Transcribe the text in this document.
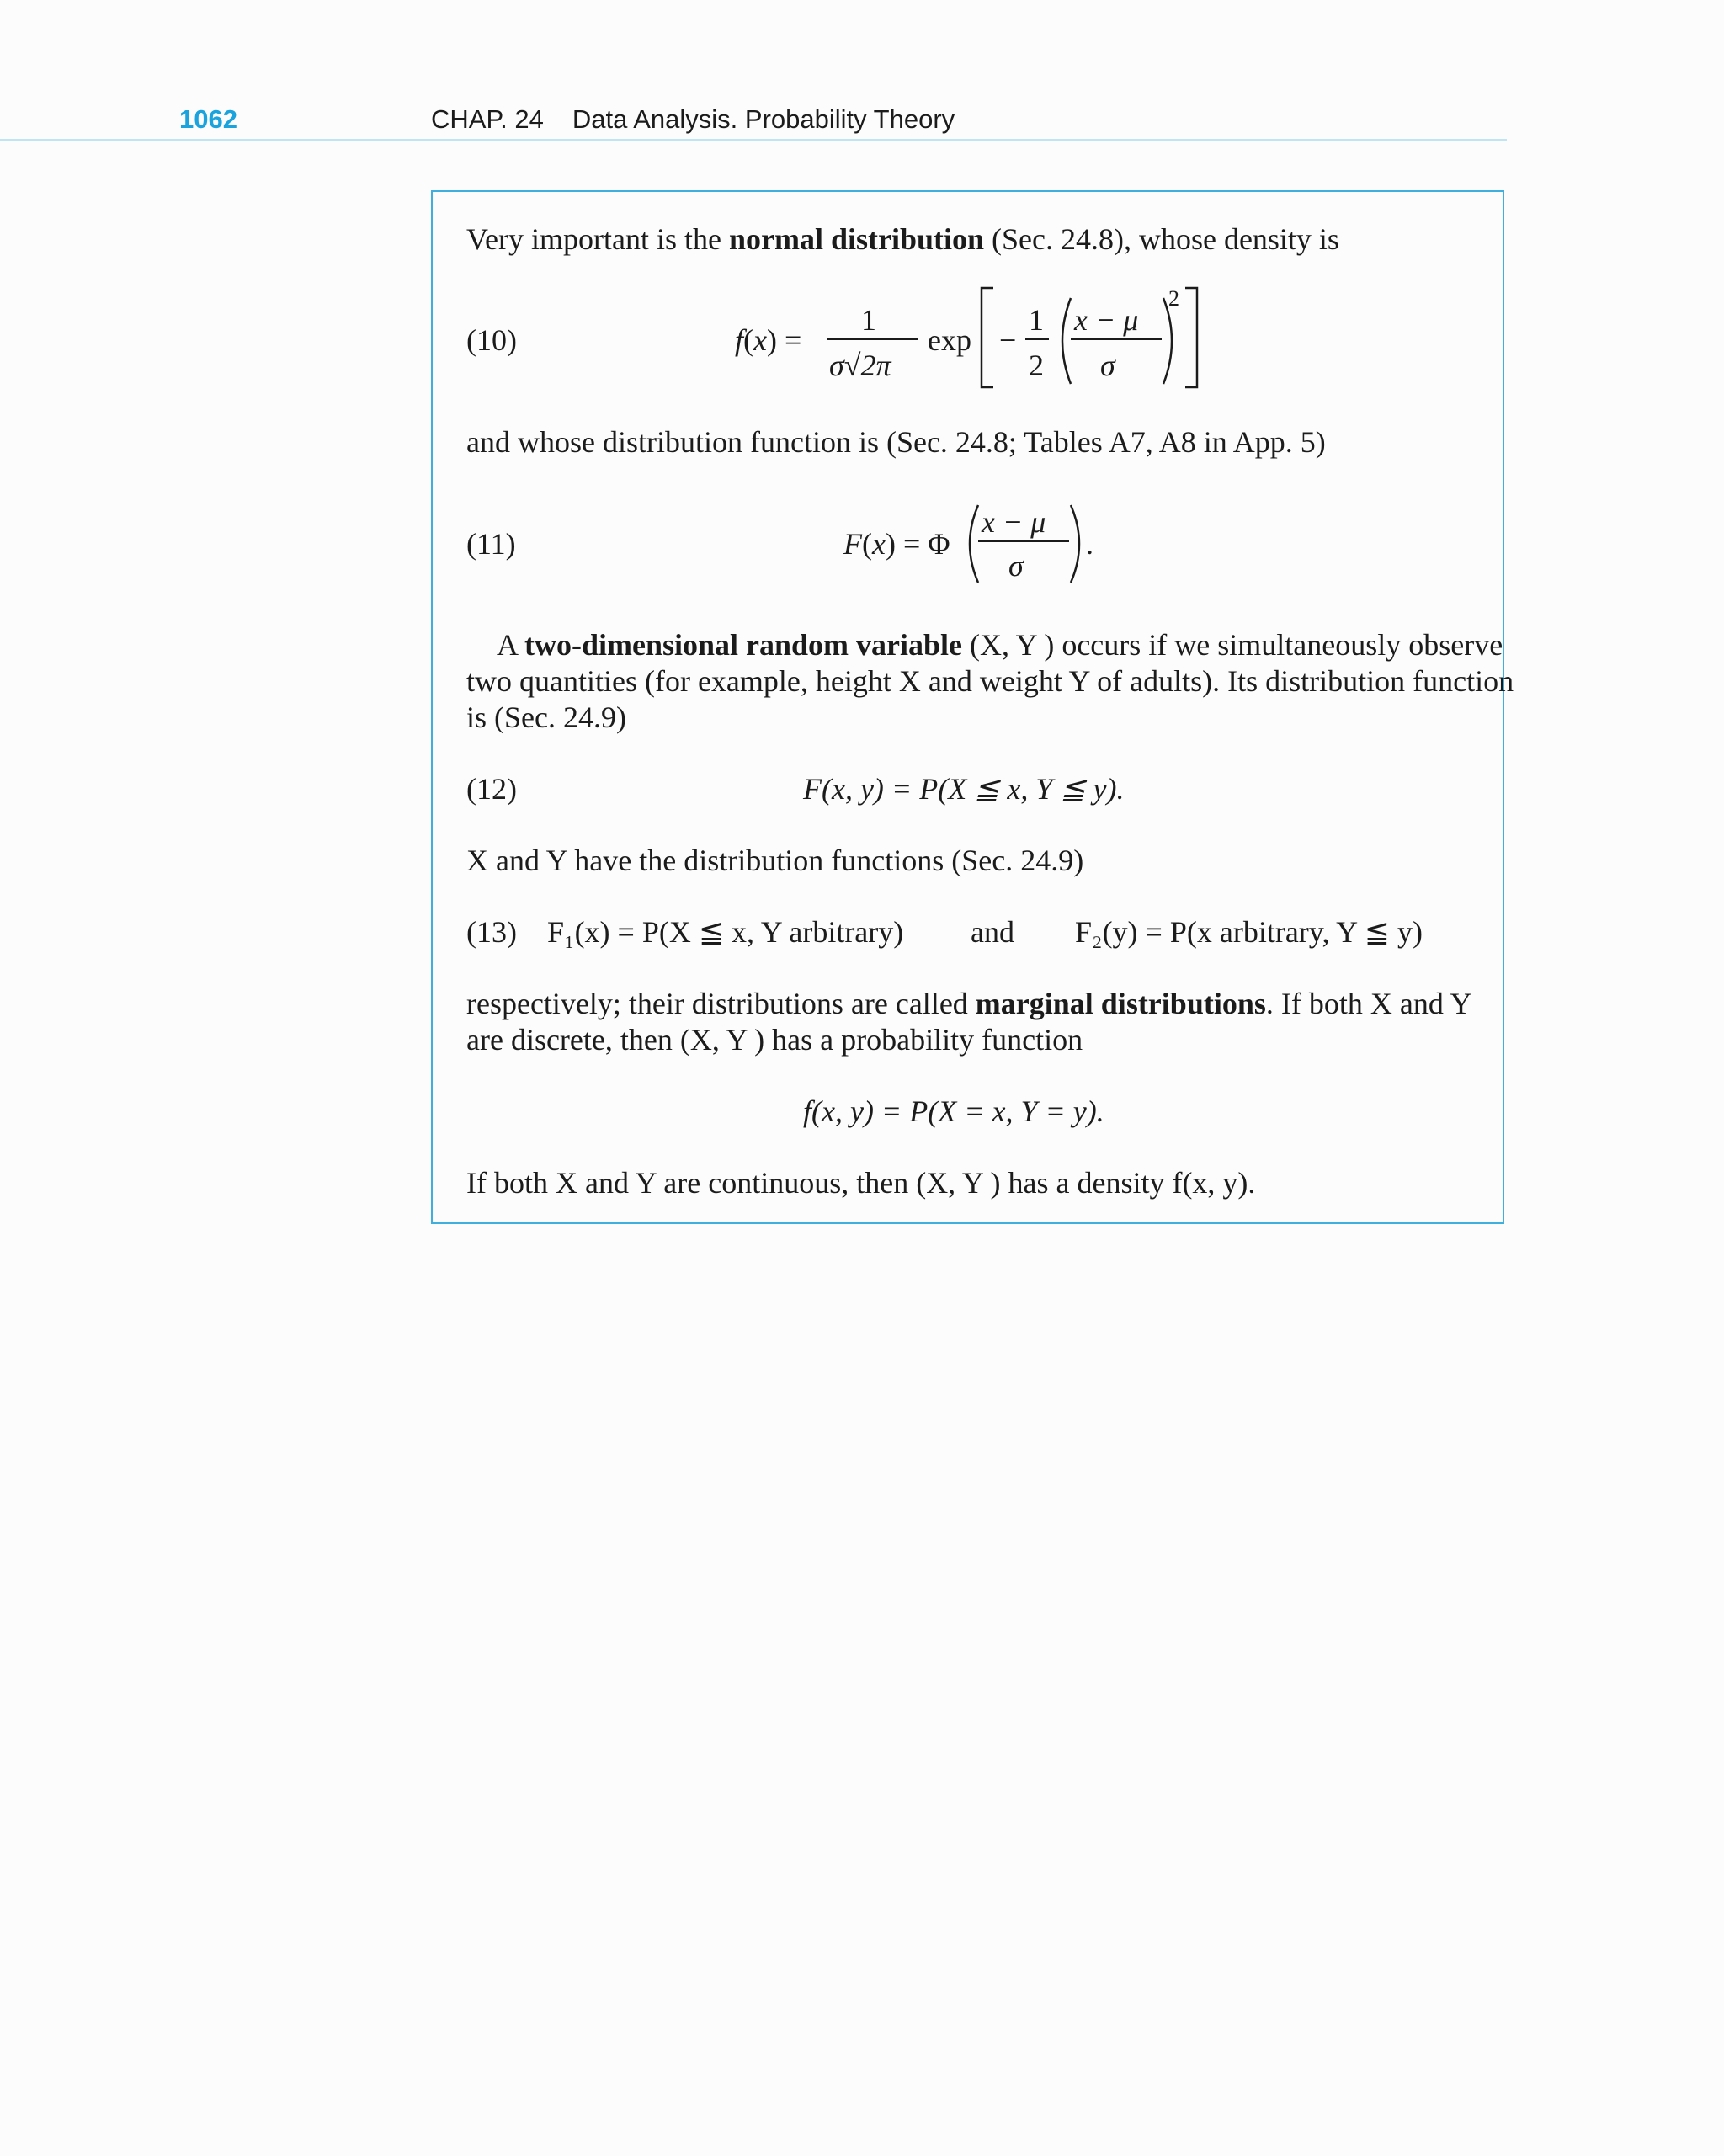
1062	CHAP. 24 Data Analysis. Probability Theory
Very important is the normal distribution (Sec. 24.8), whose density is
(10)	f(x) =
1
σ√2π
exp −
1
2
x − μ
σ
2
and whose distribution function is (Sec. 24.8; Tables A7, A8 in App. 5)
(11)	F(x) = Φ
x − μ
σ
.
A two-dimensional random variable (X, Y ) occurs if we simultaneously observe
two quantities (for example, height X and weight Y of adults). Its distribution function
is (Sec. 24.9)
(12)	F(x, y) = P(X ≦ x, Y ≦ y).
X and Y have the distribution functions (Sec. 24.9)
(13) F₁(x) = P(X ≦ x, Y arbitrary) and F₂(y) = P(x arbitrary, Y ≦ y)
respectively; their distributions are called marginal distributions. If both X and Y
are discrete, then (X, Y ) has a probability function
f(x, y) = P(X = x, Y = y).
If both X and Y are continuous, then (X, Y ) has a density f(x, y).
